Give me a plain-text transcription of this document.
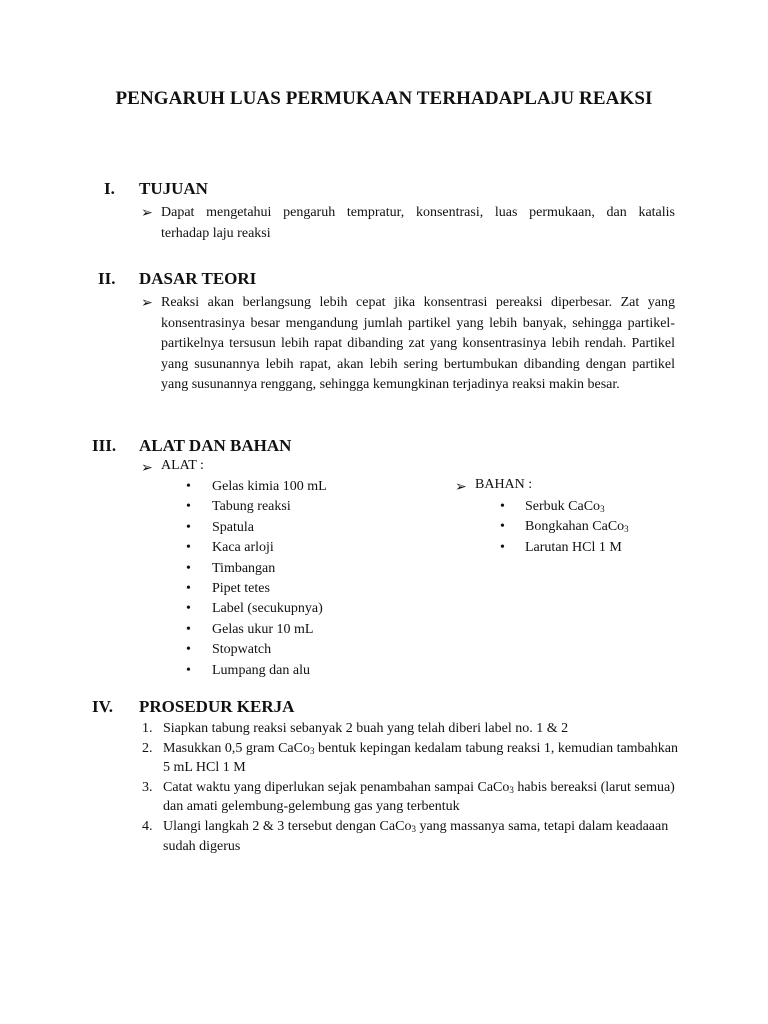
PENGARUH LUAS PERMUKAAN TERHADAPLAJU REAKSI
I. TUJUAN
➢ Dapat mengetahui pengaruh tempratur, konsentrasi, luas permukaan, dan katalis
terhadap laju reaksi
II. DASAR TEORI
➢ Reaksi akan berlangsung lebih cepat jika konsentrasi pereaksi diperbesar. Zat yang konsentrasinya besar mengandung jumlah partikel yang lebih banyak, sehingga partikel-partikelnya tersusun lebih rapat dibanding zat yang konsentrasinya lebih rendah. Partikel yang susunannya lebih rapat, akan lebih sering bertumbukan dibanding dengan partikel yang susunannya renggang, sehingga kemungkinan terjadinya reaksi makin besar.
III. ALAT DAN BAHAN
➢ ALAT :
• Gelas kimia 100 mL
• Tabung reaksi
• Spatula
• Kaca arloji
• Timbangan
• Pipet tetes
• Label (secukupnya)
• Gelas ukur 10 mL
• Stopwatch
• Lumpang dan alu
➢ BAHAN :
• Serbuk CaCo$_3$
• Bongkahan CaCo$_3$
• Larutan HCl 1 M
IV. PROSEDUR KERJA
1. Siapkan tabung reaksi sebanyak 2 buah yang telah diberi label no. 1 & 2
2. Masukkan 0,5 gram CaCo$_3$ bentuk kepingan kedalam tabung reaksi 1, kemudian tambahkan 5 mL HCl 1 M
3. Catat waktu yang diperlukan sejak penambahan sampai CaCo$_3$ habis bereaksi (larut semua) dan amati gelembung-gelembung gas yang terbentuk
4. Ulangi langkah 2 & 3 tersebut dengan CaCo$_3$ yang massanya sama, tetapi dalam keadaaan sudah digerus
